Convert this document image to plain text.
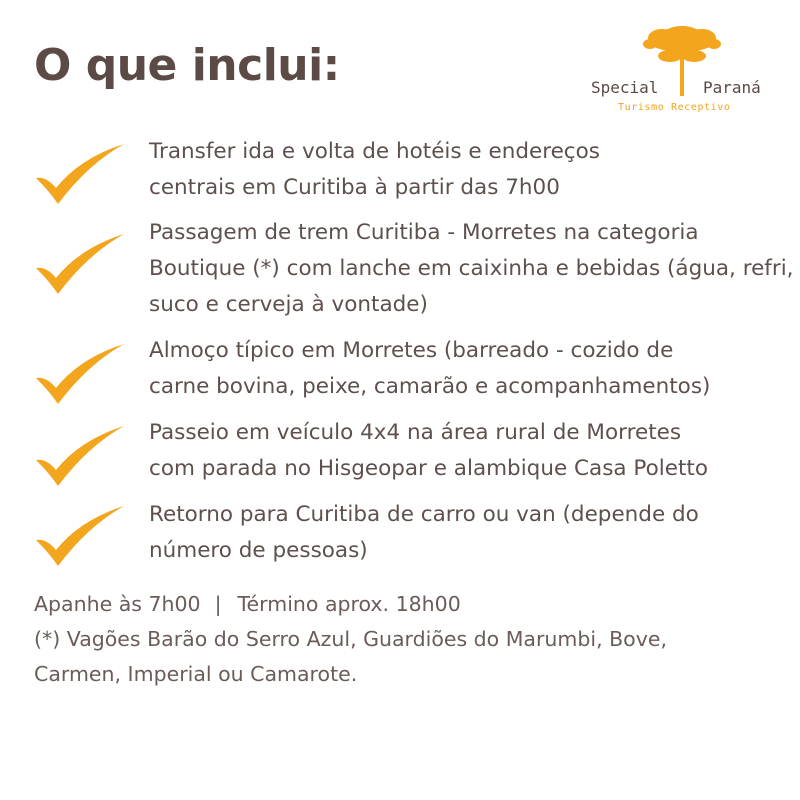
O que inclui:	Special	Paraná
Turismo Receptivo
Transfer ida e volta de hotéis e endereços
centrais em Curitiba à partir das 7h00
Passagem de trem Curitiba - Morretes na categoria
Boutique (*) com lanche em caixinha e bebidas (água, refri,
suco e cerveja à vontade)
Almoço típico em Morretes (barreado - cozido de
carne bovina, peixe, camarão e acompanhamentos)
Passeio em veículo 4x4 na área rural de Morretes
com parada no Hisgeopar e alambique Casa Poletto
Retorno para Curitiba de carro ou van (depende do
número de pessoas)
Apanhe às 7h00 | Término aprox. 18h00
(*) Vagões Barão do Serro Azul, Guardiões do Marumbi, Bove,
Carmen, Imperial ou Camarote.
